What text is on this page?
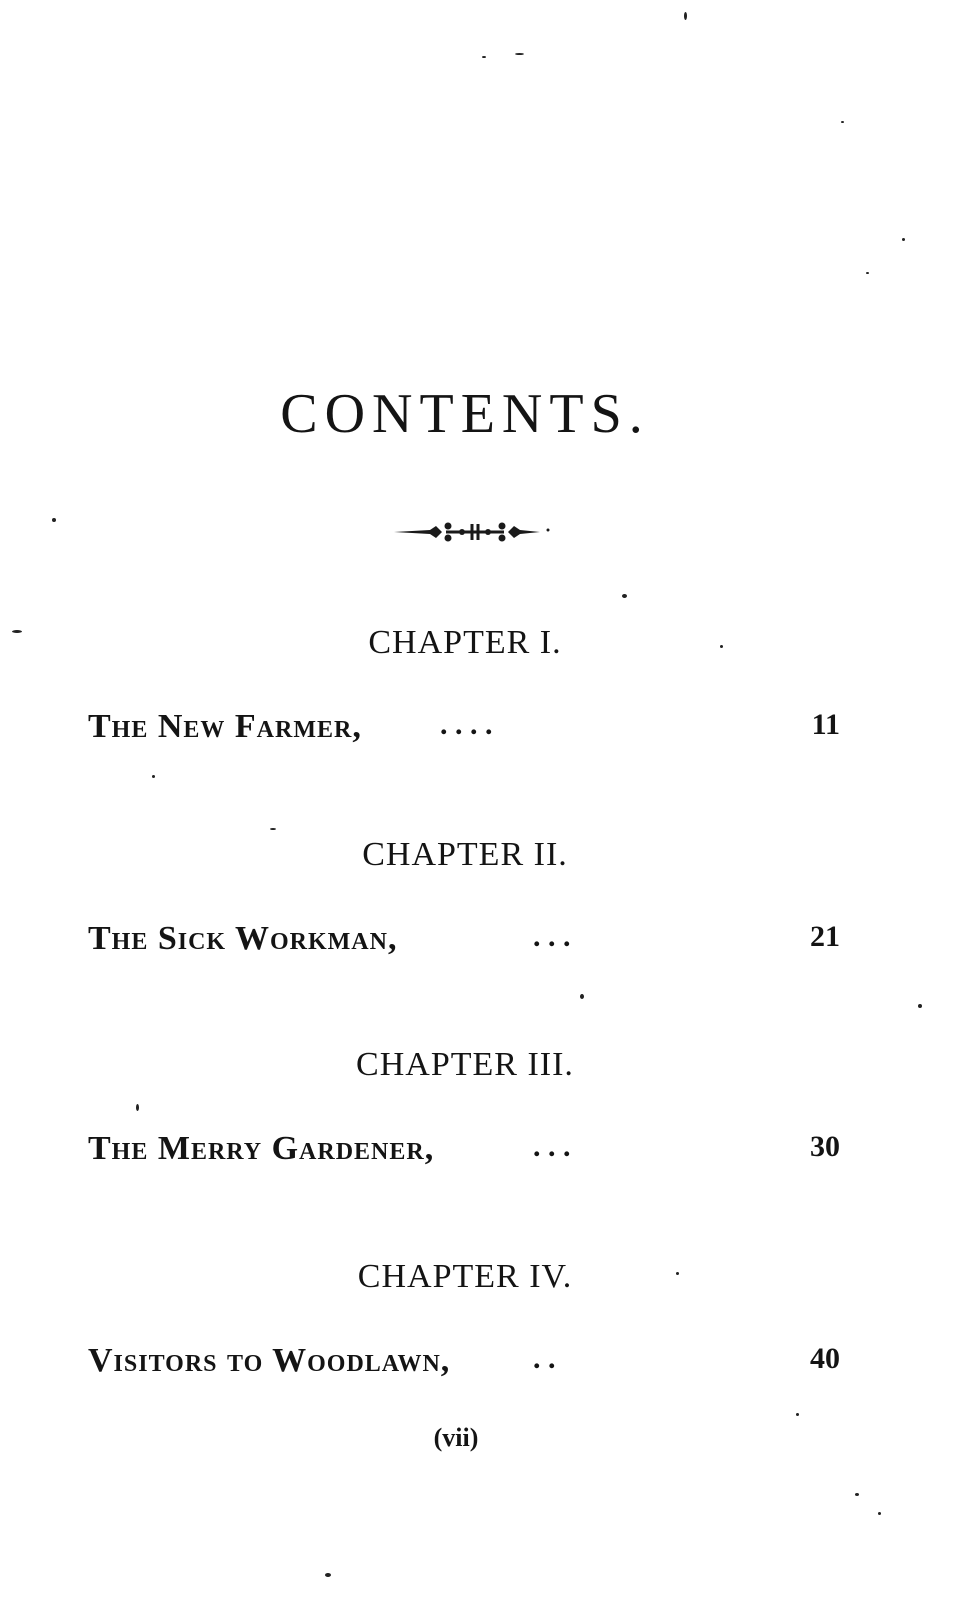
CONTENTS.
CHAPTER I.
The New Farmer,	. . . .	11
CHAPTER II.
The Sick Workman,	. . .	21
CHAPTER III.
The Merry Gardener,	. . .	30
CHAPTER IV.
Visitors to Woodlawn,	. .	40
(vii)
